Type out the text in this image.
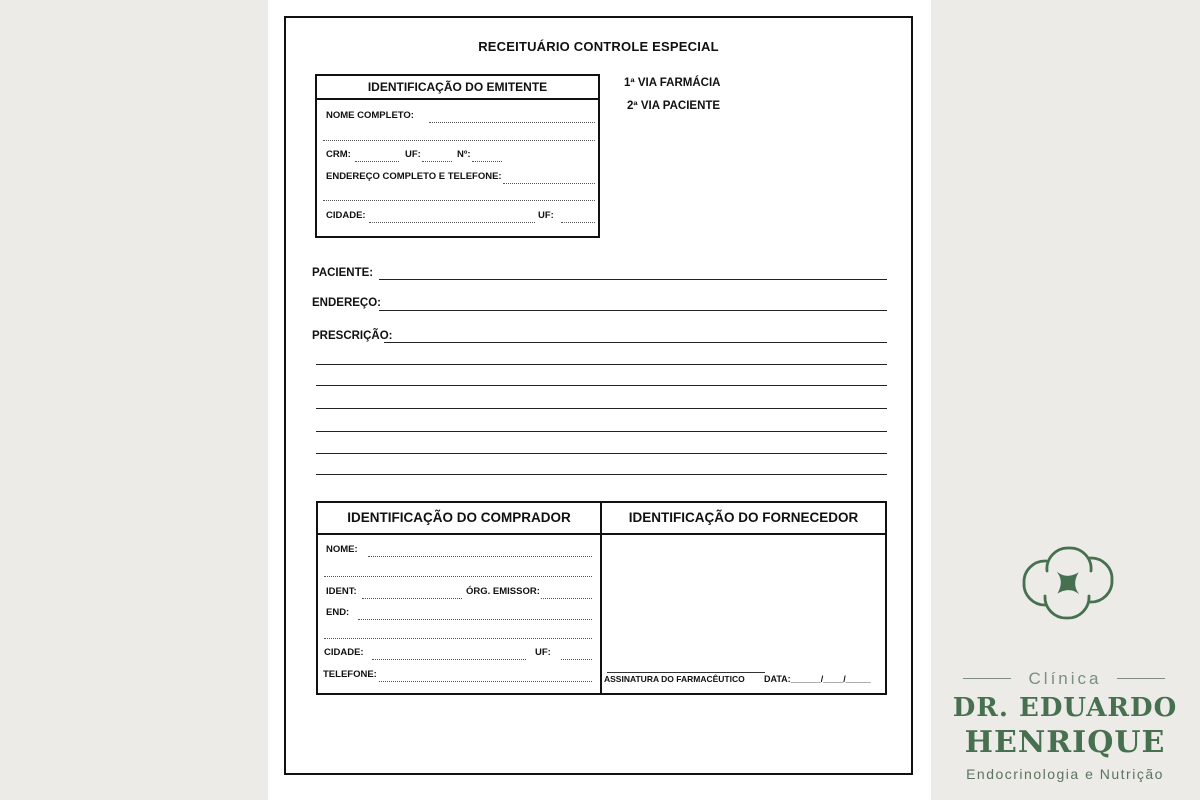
RECEITUÁRIO CONTROLE ESPECIAL
1ª VIA FARMÁCIA
2ª VIA PACIENTE
IDENTIFICAÇÃO DO EMITENTE
NOME COMPLETO:
CRM:	UF:	Nº:
ENDEREÇO COMPLETO E TELEFONE:
CIDADE:	UF:
PACIENTE:
ENDEREÇO:
PRESCRIÇÃO:
IDENTIFICAÇÃO DO COMPRADOR
NOME:
IDENT:	ÓRG. EMISSOR:
END:
CIDADE:	UF:
TELEFONE:
IDENTIFICAÇÃO DO FORNECEDOR
ASSINATURA DO FARMACÊUTICO DATA:______/____/_____	Clínica
DR. EDUARDO
HENRIQUE
Endocrinologia e Nutrição
